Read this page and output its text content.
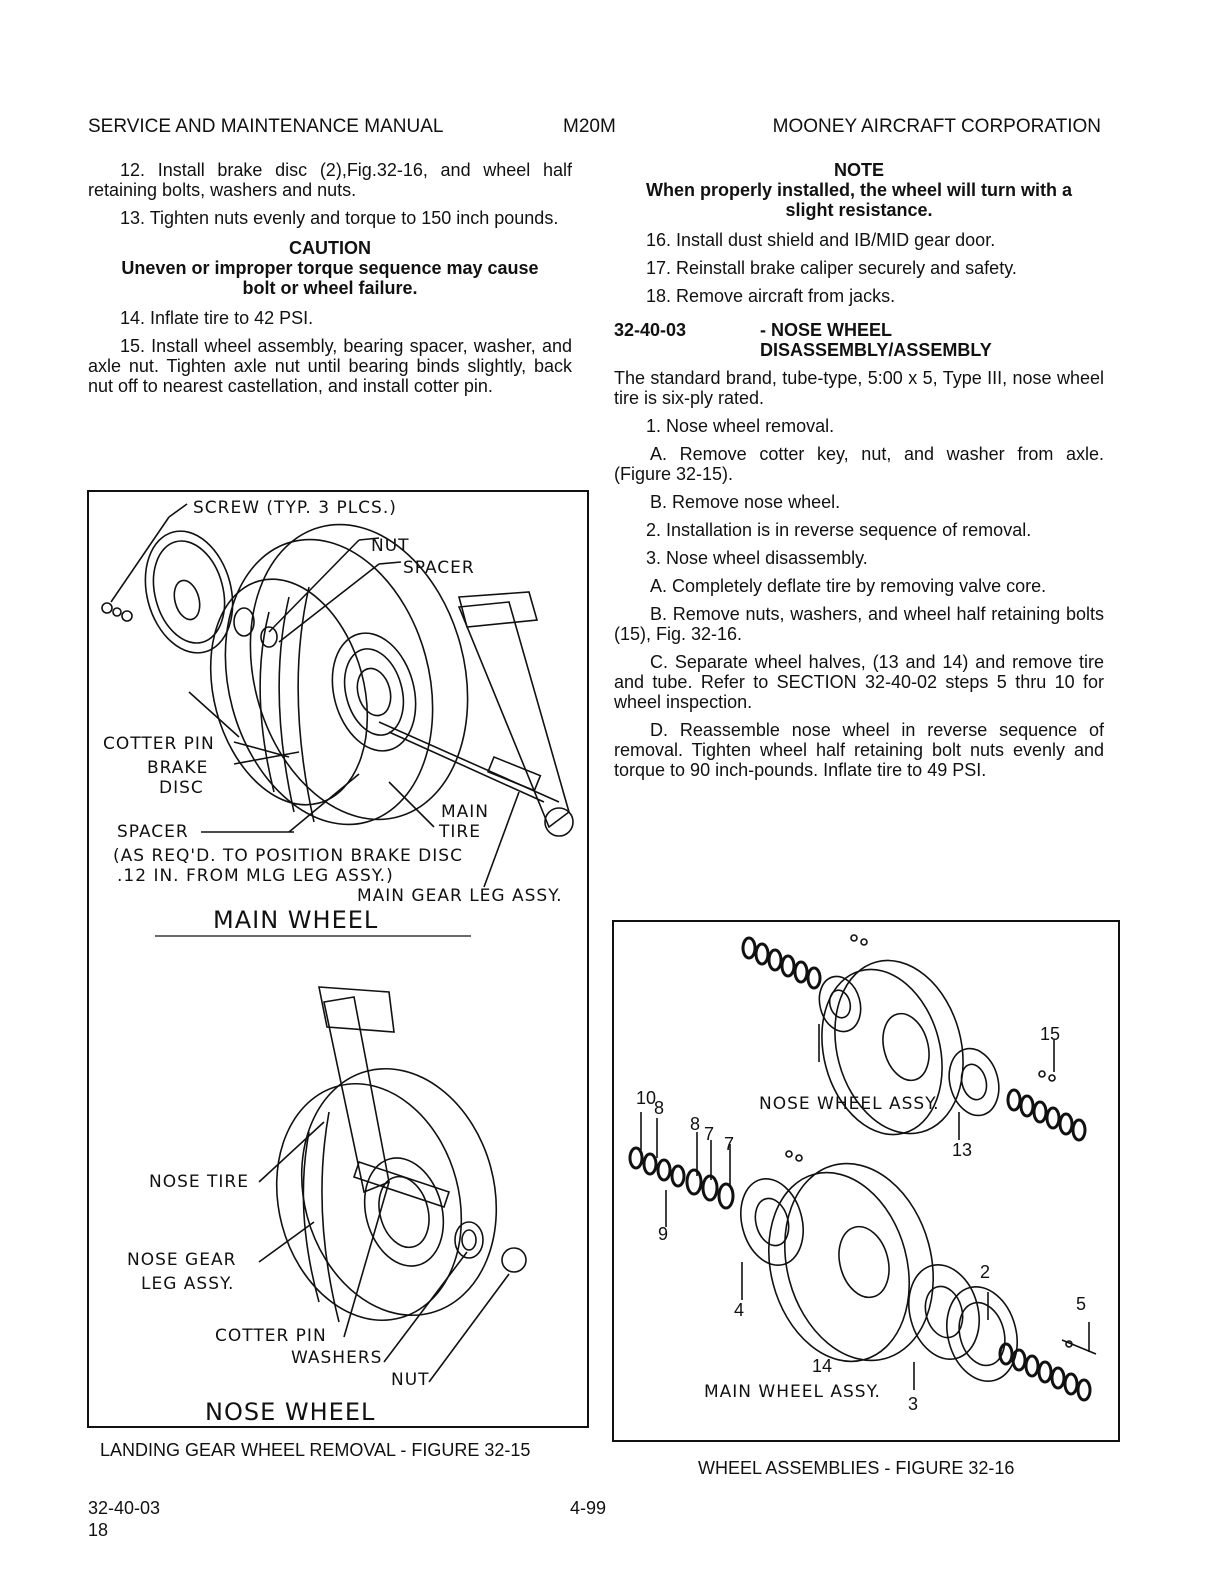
SERVICE AND MAINTENANCE MANUAL	M20M	MOONEY AIRCRAFT CORPORATION

12. Install brake disc (2),Fig.32-16, and wheel half retaining bolts, washers and nuts.

13. Tighten nuts evenly and torque to 150 inch pounds.

CAUTION

Uneven or improper torque sequence may cause bolt or wheel failure.

14. Inflate tire to 42 PSI.

15. Install wheel assembly, bearing spacer, washer, and axle nut. Tighten axle nut until bearing binds slightly, back nut off to nearest castellation, and install cotter pin.

NOTE

When properly installed, the wheel will turn with a slight resistance.

16. Install dust shield and IB/MID gear door.

17. Reinstall brake caliper securely and safety.

18. Remove aircraft from jacks.

32-40-03	- NOSE WHEEL
DISASSEMBLY/ASSEMBLY

The standard brand, tube-type, 5:00 x 5, Type III, nose wheel tire is six-ply rated.

1. Nose wheel removal.

A. Remove cotter key, nut, and washer from axle. (Figure 32-15).

B. Remove nose wheel.

2. Installation is in reverse sequence of removal.

3. Nose wheel disassembly.

A. Completely deflate tire by removing valve core.

B. Remove nuts, washers, and wheel half retaining bolts (15), Fig. 32-16.

C. Separate wheel halves, (13 and 14) and remove tire and tube. Refer to SECTION 32-40-02 steps 5 thru 10 for wheel inspection.

D. Reassemble nose wheel in reverse sequence of removal. Tighten wheel half retaining bolt nuts evenly and torque to 90 inch-pounds. Inflate tire to 49 PSI.

SCREW (TYP. 3 PLCS.)
NUT
SPACER
COTTER PIN
BRAKE
DISC
MAIN
TIRE
SPACER
(AS REQ'D. TO POSITION BRAKE DISC
.12 IN. FROM MLG LEG ASSY.)
MAIN GEAR LEG ASSY.
MAIN WHEEL
NOSE TIRE
NOSE GEAR
LEG ASSY.
COTTER PIN
WASHERS
NUT
NOSE WHEEL
LANDING GEAR WHEEL REMOVAL - FIGURE 32-15
14
15
NOSE WHEEL ASSY.
13
10
8
8 7 7
9
4
2
5
MAIN WHEEL ASSY.
3
WHEEL ASSEMBLIES - FIGURE 32-16
32-40-03
18
4-99
